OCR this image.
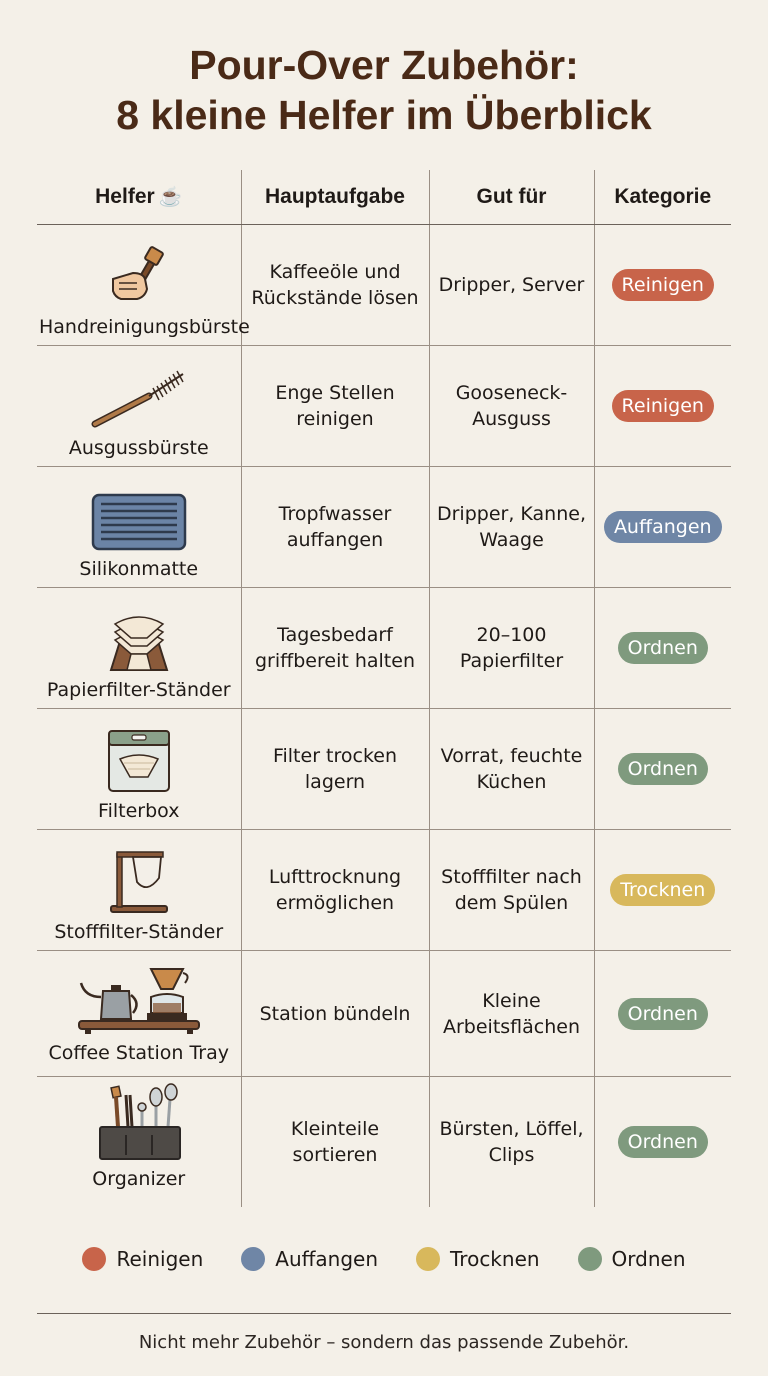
Pour-Over Zubehör:
8 kleine Helfer im Überblick
Helfer ☕	Hauptaufgabe	Gut für	Kategorie

Handreinigungsbürste	Kaffeeöle und Rückstände lösen	Dripper, Server	Reinigen

Ausgussbürste	Enge Stellen reinigen	Gooseneck-Ausguss	Reinigen

Silikonmatte	Tropfwasser auffangen	Dripper, Kanne, Waage	Auffangen

Papierfilter-Ständer	Tagesbedarf griffbereit halten	20–100 Papierfilter	Ordnen

Filterbox	Filter trocken lagern	Vorrat, feuchte Küchen	Ordnen

Stofffilter-Ständer	Lufttrocknung ermöglichen	Stofffilter nach dem Spülen	Trocknen

Coffee Station Tray	Station bündeln	Kleine Arbeitsflächen	Ordnen

Organizer	Kleinteile sortieren	Bürsten, Löffel, Clips	Ordnen
Reinigen	Auffangen	Trocknen	Ordnen
Nicht mehr Zubehör – sondern das passende Zubehör.
